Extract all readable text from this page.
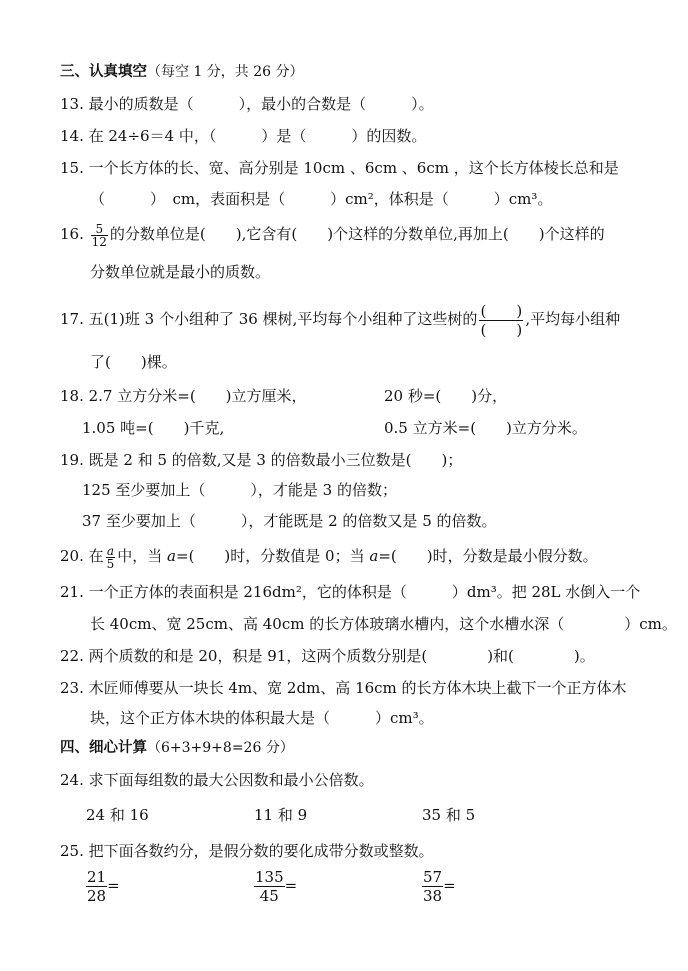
三、认真填空（每空 1 分，共 26 分）
13. 最小的质数是（　　　），最小的合数是（　　　）。
14. 在 24÷6＝4 中，（　　　）是（　　　）的因数。
15. 一个长方体的长、宽、高分别是 10cm 、6cm 、6cm ，这个长方体棱长总和是
（　　　）　cm，表面积是（　　　）cm²，体积是（　　　）cm³。
16. $\frac{5}{12}$ 的分数单位是(　　),它含有(　　)个这样的分数单位,再加上(　　)个这样的
分数单位就是最小的质数。
17. 五(1)班 3 个小组种了 36 棵树,平均每个小组种了这些树的 (　　)
(　　)
,平均每小组种
了(　　)棵。
18. 2.7 立方分米=(　　)立方厘米，	20 秒=(　　)分，
1.05 吨=(　　)千克,	0.5 立方米=(　　)立方分米。
19. 既是 2 和 5 的倍数,又是 3 的倍数最小三位数是(　　)；
125 至少要加上（　　　），才能是 3 的倍数；
37 至少要加上（　　　），才能既是 2 的倍数又是 5 的倍数。
20. 在 $\frac{a}{5}$ 中，当 a=(　　)时，分数值是 0；当 a=(　　)时，分数是最小假分数。
21. 一个正方体的表面积是 216dm²，它的体积是（　　　）dm³。把 28L 水倒入一个
长 40cm、宽 25cm、高 40cm 的长方体玻璃水槽内，这个水槽水深（　　　　）cm。
22. 两个质数的和是 20，积是 91，这两个质数分别是(　　　　)和(　　　　)。
23. 木匠师傅要从一块长 4m、宽 2dm、高 16cm 的长方体木块上截下一个正方体木
块，这个正方体木块的体积最大是（　　　）cm³。
四、细心计算（6+3+9+8=26 分）
24. 求下面每组数的最大公因数和最小公倍数。
24 和 16	11 和 9	35 和 5
25. 把下面各数约分，是假分数的要化成带分数或整数。
$\frac{21}{28}$ =	$\frac{135}{45}$ =	$\frac{57}{38}$ =
